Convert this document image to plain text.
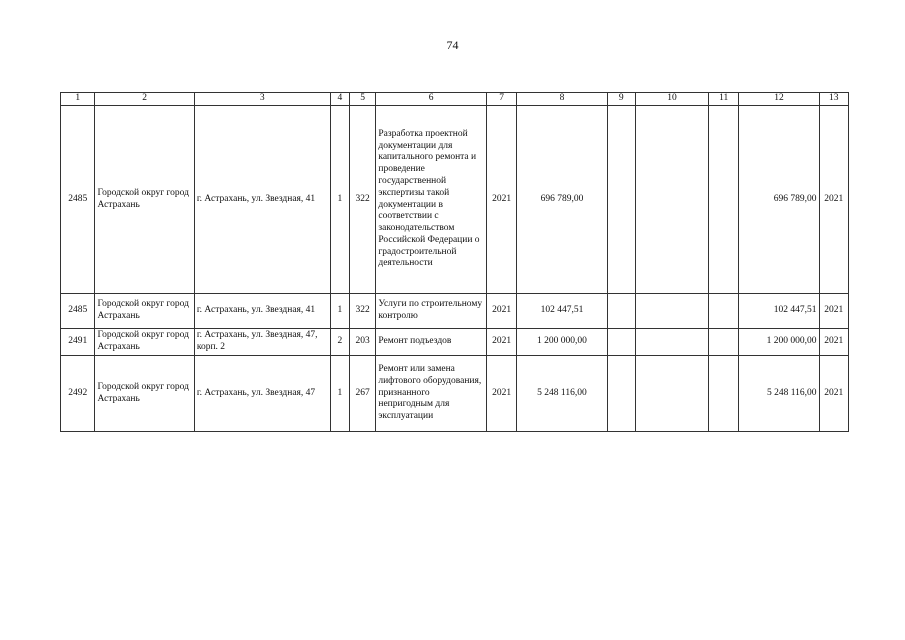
74
1	2	3	4	5	6	7	8	9	10	11	12	13
2485	Городской округ город Астрахань	г. Астрахань, ул. Звездная, 41	1	322	Разработка проектной документации для капитального ремонта и проведение государственной экспертизы такой документации в соответствии с законодательством Российской Федерации о градостроительной деятельности	2021	696 789,00				696 789,00	2021
2485	Городской округ город Астрахань	г. Астрахань, ул. Звездная, 41	1	322	Услуги по строительному контролю	2021	102 447,51				102 447,51	2021
2491	Городской округ город Астрахань	г. Астрахань, ул. Звездная, 47, корп. 2	2	203	Ремонт подъездов	2021	1 200 000,00				1 200 000,00	2021
2492	Городской округ город Астрахань	г. Астрахань, ул. Звездная, 47	1	267	Ремонт или замена лифтового оборудования, признанного непригодным для эксплуатации	2021	5 248 116,00				5 248 116,00	2021
